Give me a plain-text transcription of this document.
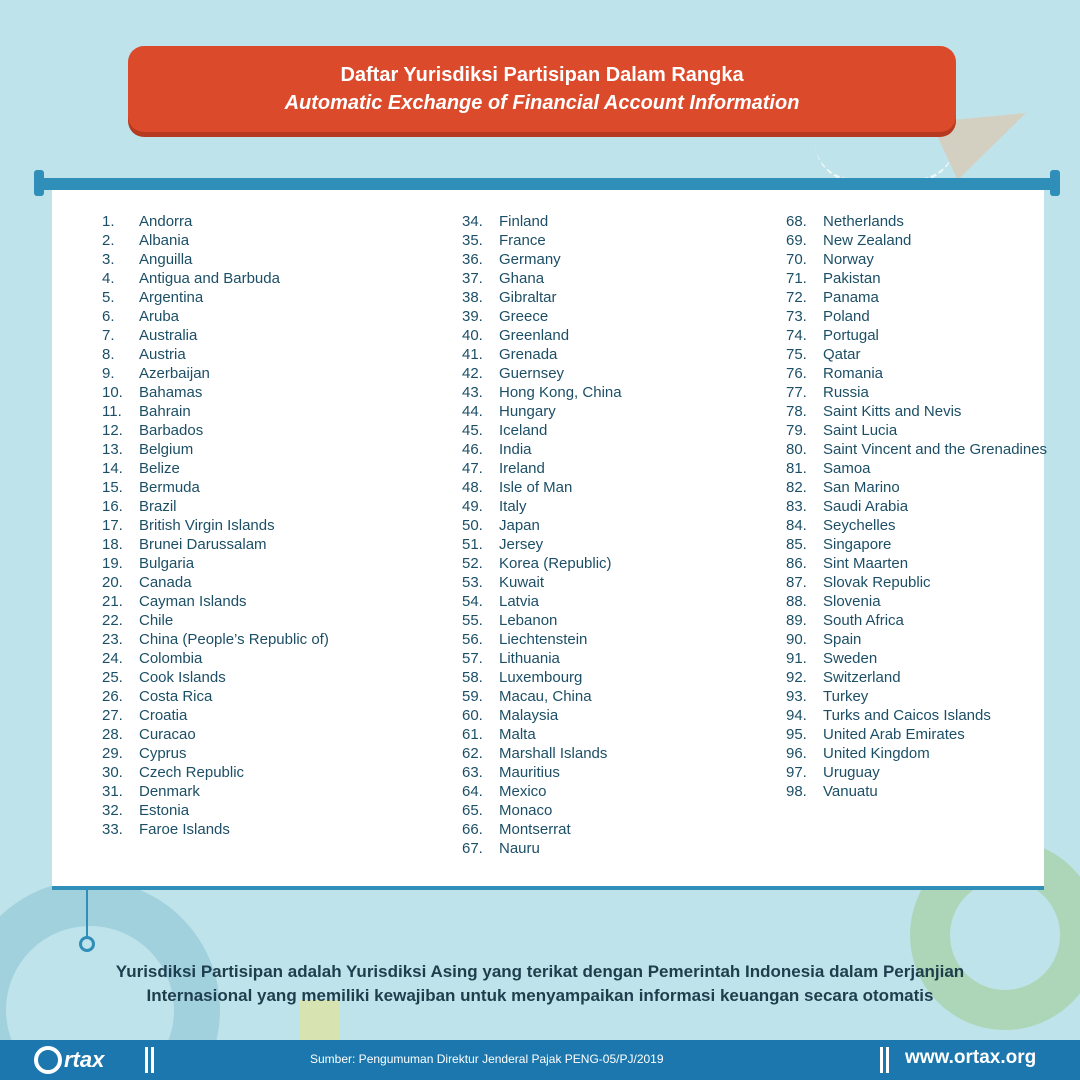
Daftar Yurisdiksi Partisipan Dalam Rangka
Automatic Exchange of Financial Account Information
1.	Andorra
2.	Albania
3.	Anguilla
4.	Antigua and Barbuda
5.	Argentina
6.	Aruba
7.	Australia
8.	Austria
9.	Azerbaijan
10.	Bahamas
11.	Bahrain
12.	Barbados
13.	Belgium
14.	Belize
15.	Bermuda
16.	Brazil
17.	British Virgin Islands
18.	Brunei Darussalam
19.	Bulgaria
20.	Canada
21.	Cayman Islands
22.	Chile
23.	China (People’s Republic of)
24.	Colombia
25.	Cook Islands
26.	Costa Rica
27.	Croatia
28.	Curacao
29.	Cyprus
30.	Czech Republic
31.	Denmark
32.	Estonia
33.	Faroe Islands
34.	Finland
35.	France
36.	Germany
37.	Ghana
38.	Gibraltar
39.	Greece
40.	Greenland
41.	Grenada
42.	Guernsey
43.	Hong Kong, China
44.	Hungary
45.	Iceland
46.	India
47.	Ireland
48.	Isle of Man
49.	Italy
50.	Japan
51.	Jersey
52.	Korea (Republic)
53.	Kuwait
54.	Latvia
55.	Lebanon
56.	Liechtenstein
57.	Lithuania
58.	Luxembourg
59.	Macau, China
60.	Malaysia
61.	Malta
62.	Marshall Islands
63.	Mauritius
64.	Mexico
65.	Monaco
66.	Montserrat
67.	Nauru
68.	Netherlands
69.	New Zealand
70.	Norway
71.	Pakistan
72.	Panama
73.	Poland
74.	Portugal
75.	Qatar
76.	Romania
77.	Russia
78.	Saint Kitts and Nevis
79.	Saint Lucia
80.	Saint Vincent and the Grenadines
81.	Samoa
82.	San Marino
83.	Saudi Arabia
84.	Seychelles
85.	Singapore
86.	Sint Maarten
87.	Slovak Republic
88.	Slovenia
89.	South Africa
90.	Spain
91.	Sweden
92.	Switzerland
93.	Turkey
94.	Turks and Caicos Islands
95.	United Arab Emirates
96.	United Kingdom
97.	Uruguay
98.	Vanuatu
Yurisdiksi Partisipan adalah Yurisdiksi Asing yang terikat dengan Pemerintah Indonesia dalam Perjanjian
Internasional yang memiliki kewajiban untuk menyampaikan informasi keuangan secara otomatis
rtax	Sumber: Pengumuman Direktur Jenderal Pajak PENG-05/PJ/2019	www.ortax.org
